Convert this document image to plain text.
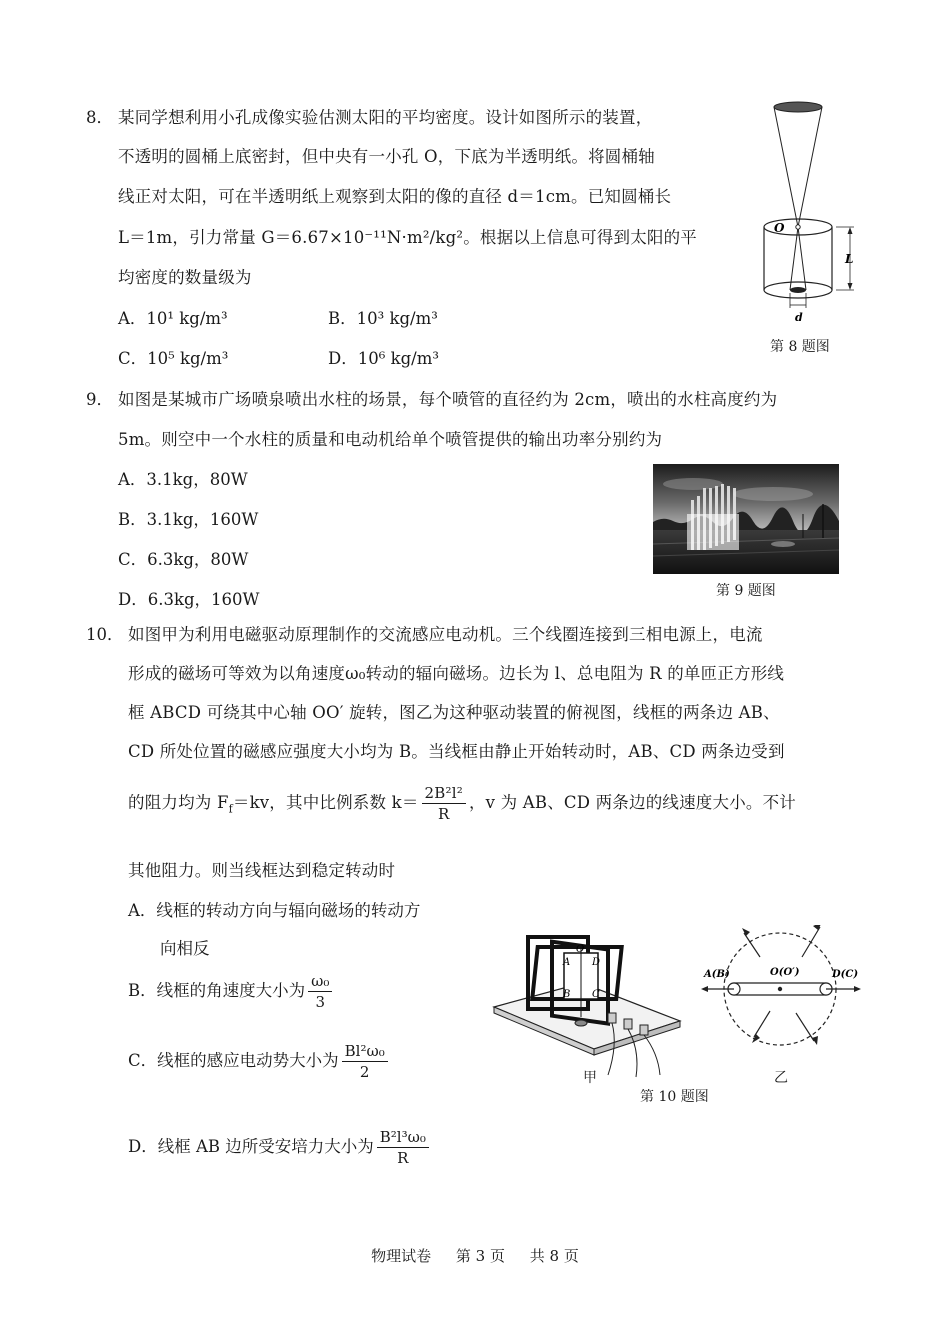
8． 某同学想利用小孔成像实验估测太阳的平均密度。设计如图所示的装置，
不透明的圆桶上底密封，但中央有一小孔 O，下底为半透明纸。将圆桶轴
线正对太阳，可在半透明纸上观察到太阳的像的直径 d＝1cm。已知圆桶长
L＝1m，引力常量 G＝6.67×10⁻¹¹N·m²/kg²。根据以上信息可得到太阳的平
均密度的数量级为
A．10¹ kg/m³	B．10³ kg/m³
C．10⁵ kg/m³	D．10⁶ kg/m³
O
L
d
第 8 题图
9． 如图是某城市广场喷泉喷出水柱的场景，每个喷管的直径约为 2cm，喷出的水柱高度约为
5m。则空中一个水柱的质量和电动机给单个喷管提供的输出功率分别约为
A．3.1kg，80W
B．3.1kg，160W
C．6.3kg，80W
D．6.3kg，160W	第 9 题图
10． 如图甲为利用电磁驱动原理制作的交流感应电动机。三个线圈连接到三相电源上，电流
形成的磁场可等效为以角速度ω₀转动的辐向磁场。边长为 l、总电阻为 R 的单匝正方形线
框 ABCD 可绕其中心轴 OO′ 旋转，图乙为这种驱动装置的俯视图，线框的两条边 AB、
CD 所处位置的磁感应强度大小均为 B。当线框由静止开始转动时，AB、CD 两条边受到
的阻力均为 $F_f=kv$，其中比例系数 $k= \frac{\text{2B²l²}}{R}$ ，v 为 AB、CD 两条边的线速度大小。不计
其他阻力。则当线框达到稳定转动时
A．线框的转动方向与辐向磁场的转动方
向相反
B．线框的角速度大小为 $\frac{\text{ω₀}}{3}$
C．线框的感应电动势大小为 $\frac{\text{Bl²ω₀}}{2}$
D．线框 AB 边所受安培力大小为 $\frac{\text{B²l³ω₀}}{R}$
A
O
D
B C
甲
A(B)	O(O′)	D(C)
乙
第 10 题图
物理试卷 第 3 页 共 8 页
